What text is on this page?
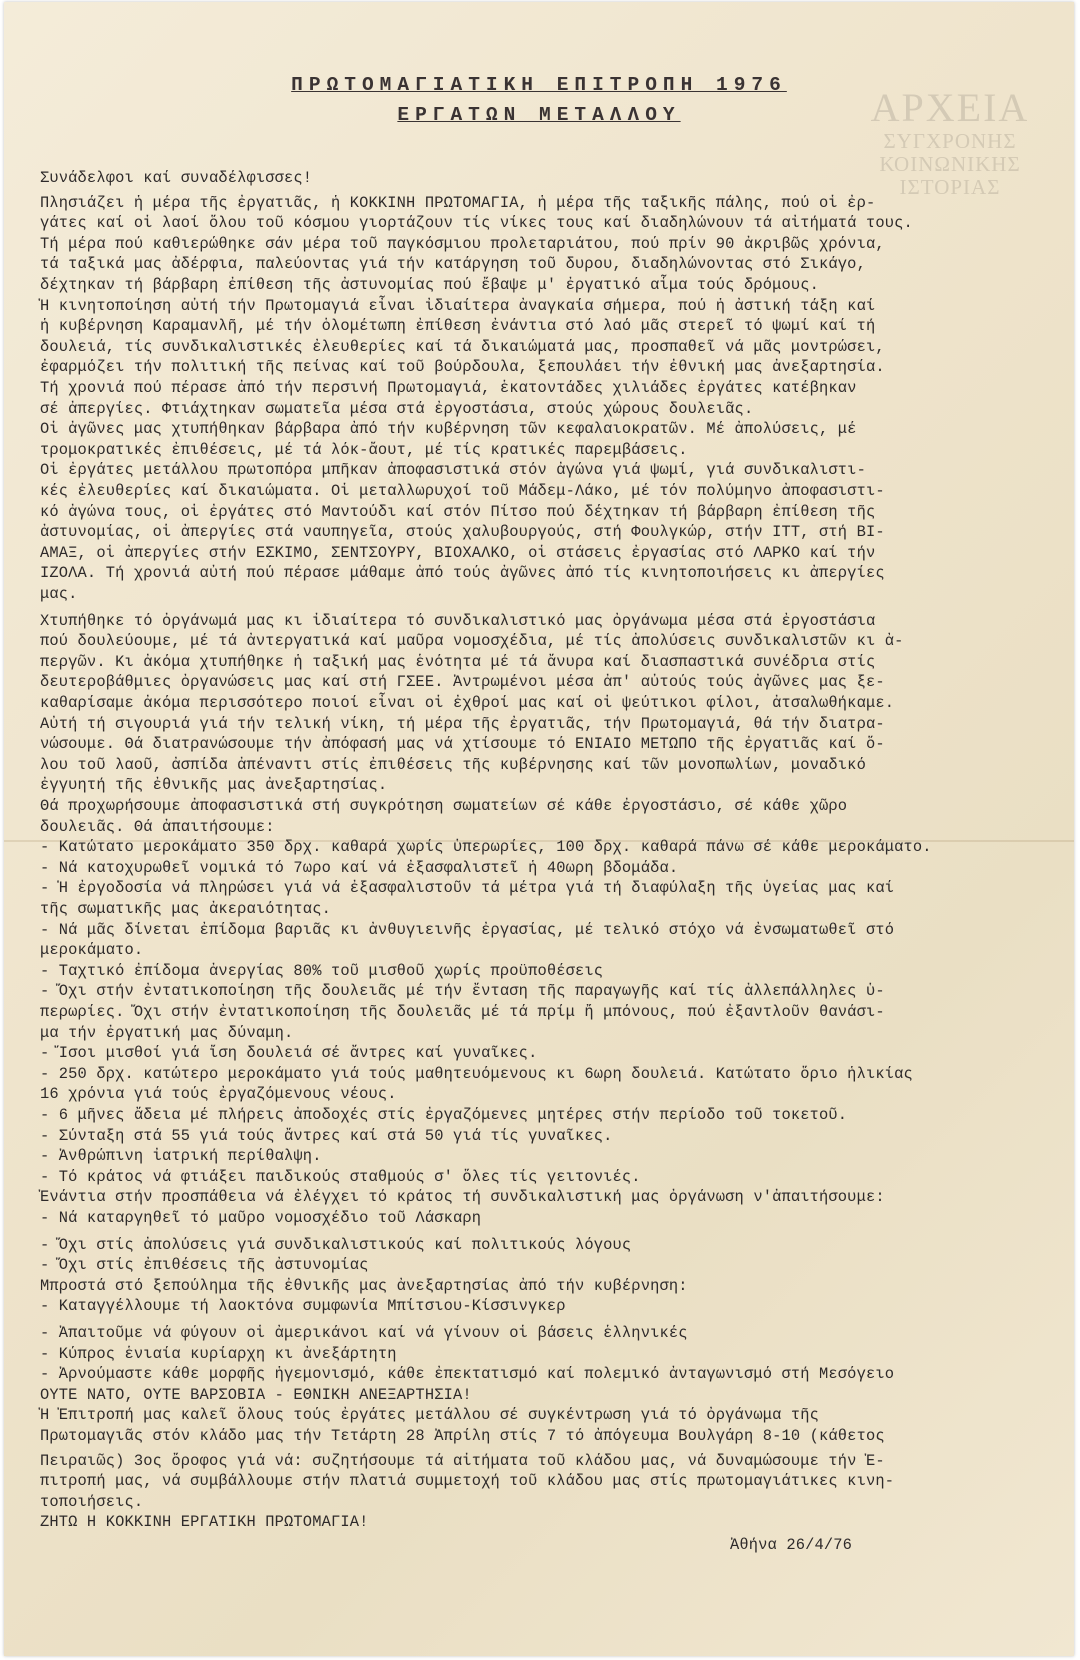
ΑΡΧΕΙΑ
ΣΥΓΧΡΟΝΗΣ
ΚΟΙΝΩΝΙΚΗΣ
ΙΣΤΟΡΙΑΣ
ΠΡΩΤΟΜΑΓΙΑΤΙΚΗ ΕΠΙΤΡΟΠΗ 1976
ΕΡΓΑΤΩΝ ΜΕΤΑΛΛΟΥ
Συνάδελφοι καί συναδέλφισσες!
Πλησιάζει ἡ μέρα τῆς ἐργατιᾶς, ἡ ΚΟΚΚΙΝΗ ΠΡΩΤΟΜΑΓΙΑ, ἡ μέρα τῆς ταξικῆς πάλης, πού οἱ ἐρ-
γάτες καί οἱ λαοί ὅλου τοῦ κόσμου γιορτάζουν τίς νίκες τους καί διαδηλώνουν τά αἰτήματά τους.
Τή μέρα πού καθιερώθηκε σάν μέρα τοῦ παγκόσμιου προλεταριάτου, πού πρίν 90 ἀκριβῶς χρόνια,
τά ταξικά μας ἀδέρφια, παλεύοντας γιά τήν κατάργηση τοῦ δυρου, διαδηλώνοντας στό Σικάγο,
δέχτηκαν τή βάρβαρη ἐπίθεση τῆς ἀστυνομίας πού ἔβαψε μ' ἐργατικό αἷμα τούς δρόμους.
Ἡ κινητοποίηση αὐτή τήν Πρωτομαγιά εἶναι ἰδιαίτερα ἀναγκαία σήμερα, πού ἡ ἀστική τάξη καί
ἡ κυβέρνηση Καραμανλῆ, μέ τήν ὁλομέτωπη ἐπίθεση ἐνάντια στό λαό μᾶς στερεῖ τό ψωμί καί τή
δουλειά, τίς συνδικαλιστικές ἐλευθερίες καί τά δικαιώματά μας, προσπαθεῖ νά μᾶς μοντρώσει,
ἐφαρμόζει τήν πολιτική τῆς πείνας καί τοῦ βούρδουλα, ξεπουλάει τήν ἐθνική μας ἀνεξαρτησία.
Τή χρονιά πού πέρασε ἀπό τήν περσινή Πρωτομαγιά, ἑκατοντάδες χιλιάδες ἐργάτες κατέβηκαν
σέ ἀπεργίες. Φτιάχτηκαν σωματεῖα μέσα στά ἐργοστάσια, στούς χώρους δουλειᾶς.
Οἱ ἀγῶνες μας χτυπήθηκαν βάρβαρα ἀπό τήν κυβέρνηση τῶν κεφαλαιοκρατῶν. Μέ ἀπολύσεις, μέ
τρομοκρατικές ἐπιθέσεις, μέ τά λόκ-ἄουτ, μέ τίς κρατικές παρεμβάσεις.
Οἱ ἐργάτες μετάλλου πρωτοπόρα μπῆκαν ἀποφασιστικά στόν ἀγώνα γιά ψωμί, γιά συνδικαλιστι-
κές ἐλευθερίες καί δικαιώματα. Οἱ μεταλλωρυχοί τοῦ Μάδεμ-Λάκο, μέ τόν πολύμηνο ἀποφασιστι-
κό ἀγώνα τους, οἱ ἐργάτες στό Μαντούδι καί στόν Πίτσο πού δέχτηκαν τή βάρβαρη ἐπίθεση τῆς
ἀστυνομίας, οἱ ἀπεργίες στά ναυπηγεῖα, στούς χαλυβουργούς, στή Φουλγκώρ, στήν ΙΤΤ, στή ΒΙ-
ΑΜΑΞ, οἱ ἀπεργίες στήν ΕΣΚΙΜΟ, ΣΕΝΤΣΟΥΡΥ, ΒΙΟΧΑΛΚΟ, οἱ στάσεις ἐργασίας στό ΛΑΡΚΟ καί τήν
ΙΖΟΛΑ. Τή χρονιά αὐτή πού πέρασε μάθαμε ἀπό τούς ἀγῶνες ἀπό τίς κινητοποιήσεις κι ἀπεργίες
μας.
Χτυπήθηκε τό ὀργάνωμά μας κι ἰδιαίτερα τό συνδικαλιστικό μας ὀργάνωμα μέσα στά ἐργοστάσια
πού δουλεύουμε, μέ τά ἀντεργατικά καί μαῦρα νομοσχέδια, μέ τίς ἀπολύσεις συνδικαλιστῶν κι ἀ-
περγῶν. Κι ἀκόμα χτυπήθηκε ἡ ταξική μας ἑνότητα μέ τά ἄνυρα καί διασπαστικά συνέδρια στίς
δευτεροβάθμιες ὀργανώσεις μας καί στή ΓΣΕΕ. Ἀντρωμένοι μέσα ἀπ' αὐτούς τούς ἀγῶνες μας ξε-
καθαρίσαμε ἀκόμα περισσότερο ποιοί εἶναι οἱ ἐχθροί μας καί οἱ ψεύτικοι φίλοι, ἀτσαλωθήκαμε.
Αὐτή τή σιγουριά γιά τήν τελική νίκη, τή μέρα τῆς ἐργατιᾶς, τήν Πρωτομαγιά, θά τήν διατρα-
νώσουμε. Θά διατρανώσουμε τήν ἀπόφασή μας νά χτίσουμε τό ΕΝΙΑΙΟ ΜΕΤΩΠΟ τῆς ἐργατιᾶς καί ὅ-
λου τοῦ λαοῦ, ἀσπίδα ἀπέναντι στίς ἐπιθέσεις τῆς κυβέρνησης καί τῶν μονοπωλίων, μοναδικό
ἐγγυητή τῆς ἐθνικῆς μας ἀνεξαρτησίας.
Θά προχωρήσουμε ἀποφασιστικά στή συγκρότηση σωματείων σέ κάθε ἐργοστάσιο, σέ κάθε χῶρο
δουλειᾶς. Θά ἀπαιτήσουμε:
- Κατώτατο μεροκάματο 350 δρχ. καθαρά χωρίς ὑπερωρίες, 100 δρχ. καθαρά πάνω σέ κάθε μεροκάματο.
- Νά κατοχυρωθεῖ νομικά τό 7ωρο καί νά ἐξασφαλιστεῖ ἡ 40ωρη βδομάδα.
- Ἡ ἐργοδοσία νά πληρώσει γιά νά ἐξασφαλιστοῦν τά μέτρα γιά τή διαφύλαξη τῆς ὑγείας μας καί
τῆς σωματικῆς μας ἀκεραιότητας.
- Νά μᾶς δίνεται ἐπίδομα βαριᾶς κι ἀνθυγιεινῆς ἐργασίας, μέ τελικό στόχο νά ἐνσωματωθεῖ στό
μεροκάματο.
- Ταχτικό ἐπίδομα ἀνεργίας 80% τοῦ μισθοῦ χωρίς προϋποθέσεις
- Ὄχι στήν ἐντατικοποίηση τῆς δουλειᾶς μέ τήν ἔνταση τῆς παραγωγῆς καί τίς ἀλλεπάλληλες ὑ-
περωρίες. Ὄχι στήν ἐντατικοποίηση τῆς δουλειᾶς μέ τά πρίμ ἤ μπόνους, πού ἐξαντλοῦν θανάσι-
μα τήν ἐργατική μας δύναμη.
- Ἴσοι μισθοί γιά ἴση δουλειά σέ ἄντρες καί γυναῖκες.
- 250 δρχ. κατώτερο μεροκάματο γιά τούς μαθητευόμενους κι 6ωρη δουλειά. Κατώτατο ὅριο ἡλικίας
16 χρόνια γιά τούς ἐργαζόμενους νέους.
- 6 μῆνες ἄδεια μέ πλήρεις ἀποδοχές στίς ἐργαζόμενες μητέρες στήν περίοδο τοῦ τοκετοῦ.
- Σύνταξη στά 55 γιά τούς ἄντρες καί στά 50 γιά τίς γυναῖκες.
- Ἀνθρώπινη ἰατρική περίθαλψη.
- Τό κράτος νά φτιάξει παιδικούς σταθμούς σ' ὅλες τίς γειτονιές.
Ἐνάντια στήν προσπάθεια νά ἐλέγχει τό κράτος τή συνδικαλιστική μας ὀργάνωση ν'ἀπαιτήσουμε:
- Νά καταργηθεῖ τό μαῦρο νομοσχέδιο τοῦ Λάσκαρη
- Ὄχι στίς ἀπολύσεις γιά συνδικαλιστικούς καί πολιτικούς λόγους
- Ὄχι στίς ἐπιθέσεις τῆς ἀστυνομίας
Μπροστά στό ξεπούλημα τῆς ἐθνικῆς μας ἀνεξαρτησίας ἀπό τήν κυβέρνηση:
- Καταγγέλλουμε τή λαοκτόνα συμφωνία Μπίτσιου-Κίσσινγκερ
- Ἀπαιτοῦμε νά φύγουν οἱ ἀμερικάνοι καί νά γίνουν οἱ βάσεις ἑλληνικές
- Κύπρος ἑνιαία κυρίαρχη κι ἀνεξάρτητη
- Ἀρνούμαστε κάθε μορφῆς ἡγεμονισμό, κάθε ἐπεκτατισμό καί πολεμικό ἀνταγωνισμό στή Μεσόγειο
ΟΥΤΕ ΝΑΤΟ, ΟΥΤΕ ΒΑΡΣΟΒΙΑ - ΕΘΝΙΚΗ ΑΝΕΞΑΡΤΗΣΙΑ!
Ἡ Ἐπιτροπή μας καλεῖ ὅλους τούς ἐργάτες μετάλλου σέ συγκέντρωση γιά τό ὀργάνωμα τῆς
Πρωτομαγιᾶς στόν κλάδο μας τήν Τετάρτη 28 Ἀπρίλη στίς 7 τό ἀπόγευμα Βουλγάρη 8-10 (κάθετος
Πειραιῶς) 3ος ὄροφος γιά νά: συζητήσουμε τά αἰτήματα τοῦ κλάδου μας, νά δυναμώσουμε τήν Ἐ-
πιτροπή μας, νά συμβάλλουμε στήν πλατιά συμμετοχή τοῦ κλάδου μας στίς πρωτομαγιάτικες κινη-
τοποιήσεις.
ΖΗΤΩ Η ΚΟΚΚΙΝΗ ΕΡΓΑΤΙΚΗ ΠΡΩΤΟΜΑΓΙΑ!
Ἀθήνα 26/4/76
